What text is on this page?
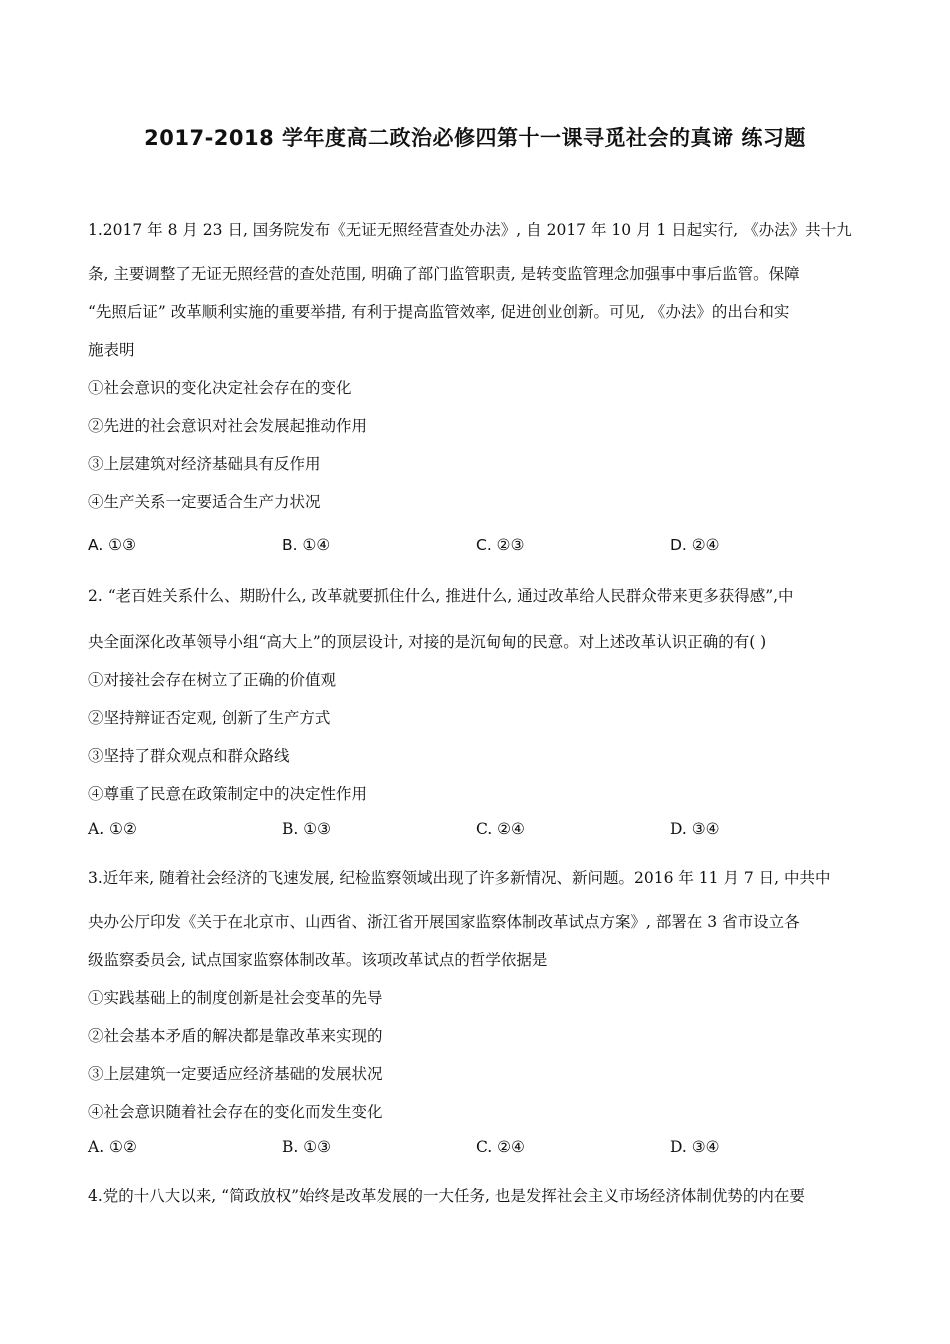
2017-2018 学年度高二政治必修四第十一课寻觅社会的真谛 练习题
1.2017 年 8 月 23 日, 国务院发布《无证无照经营查处办法》, 自 2017 年 10 月 1 日起实行, 《办法》共十九
条, 主要调整了无证无照经营的查处范围, 明确了部门监管职责, 是转变监管理念加强事中事后监管。保障
“先照后证” 改革顺利实施的重要举措, 有利于提高监管效率, 促进创业创新。可见, 《办法》的出台和实
施表明
①社会意识的变化决定社会存在的变化
②先进的社会意识对社会发展起推动作用
③上层建筑对经济基础具有反作用
④生产关系一定要适合生产力状况
A. ①③	B. ①④	C. ②③	D. ②④
2. “老百姓关系什么、期盼什么, 改革就要抓住什么, 推进什么, 通过改革给人民群众带来更多获得感”,中
央全面深化改革领导小组“高大上”的顶层设计, 对接的是沉甸甸的民意。对上述改革认识正确的有( )
①对接社会存在树立了正确的价值观
②坚持辩证否定观, 创新了生产方式
③坚持了群众观点和群众路线
④尊重了民意在政策制定中的决定性作用
A. ①②	B. ①③	C. ②④	D. ③④
3.近年来, 随着社会经济的飞速发展, 纪检监察领域出现了许多新情况、新问题。2016 年 11 月 7 日, 中共中
央办公厅印发《关于在北京市、山西省、浙江省开展国家监察体制改革试点方案》, 部署在 3 省市设立各
级监察委员会, 试点国家监察体制改革。该项改革试点的哲学依据是
①实践基础上的制度创新是社会变革的先导
②社会基本矛盾的解决都是靠改革来实现的
③上层建筑一定要适应经济基础的发展状况
④社会意识随着社会存在的变化而发生变化
A. ①②	B. ①③	C. ②④	D. ③④
4.党的十八大以来, “简政放权”始终是改革发展的一大任务, 也是发挥社会主义市场经济体制优势的内在要
